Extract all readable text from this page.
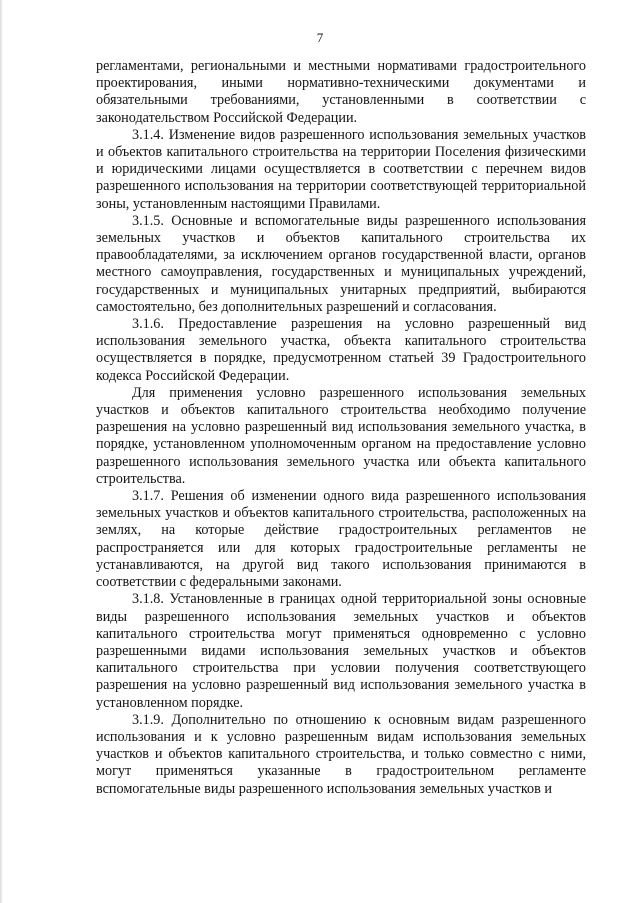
7

регламентами, региональными и местными нормативами градостроительного проектирования, иными нормативно-техническими документами и обязательными требованиями, установленными в соответствии с законодательством Российской Федерации.

3.1.4. Изменение видов разрешенного использования земельных участков и объектов капитального строительства на территории Поселения физическими и юридическими лицами осуществляется в соответствии с перечнем видов разрешенного использования на территории соответствующей территориальной зоны, установленным настоящими Правилами.

3.1.5. Основные и вспомогательные виды разрешенного использования земельных участков и объектов капитального строительства их правообладателями, за исключением органов государственной власти, органов местного самоуправления, государственных и муниципальных учреждений, государственных и муниципальных унитарных предприятий, выбираются самостоятельно, без дополнительных разрешений и согласования.

3.1.6. Предоставление разрешения на условно разрешенный вид использования земельного участка, объекта капитального строительства осуществляется в порядке, предусмотренном статьей 39 Градостроительного кодекса Российской Федерации.

Для применения условно разрешенного использования земельных участков и объектов капитального строительства необходимо получение разрешения на условно разрешенный вид использования земельного участка, в порядке, установленном уполномоченным органом на предоставление условно разрешенного использования земельного участка или объекта капитального строительства.

3.1.7. Решения об изменении одного вида разрешенного использования земельных участков и объектов капитального строительства, расположенных на землях, на которые действие градостроительных регламентов не распространяется или для которых градостроительные регламенты не устанавливаются, на другой вид такого использования принимаются в соответствии с федеральными законами.

3.1.8. Установленные в границах одной территориальной зоны основные виды разрешенного использования земельных участков и объектов капитального строительства могут применяться одновременно с условно разрешенными видами использования земельных участков и объектов капитального строительства при условии получения соответствующего разрешения на условно разрешенный вид использования земельного участка в установленном порядке.

3.1.9. Дополнительно по отношению к основным видам разрешенного использования и к условно разрешенным видам использования земельных участков и объектов капитального строительства, и только совместно с ними, могут применяться указанные в градостроительном регламенте вспомогательные виды разрешенного использования земельных участков и
